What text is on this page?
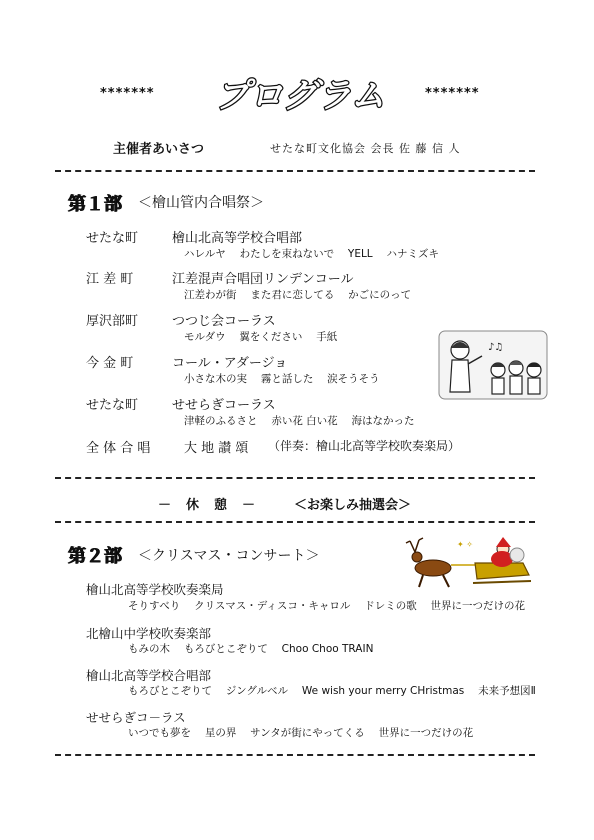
******* プログラム	*******
主催者あいさつ	せたな町文化協会 会長 佐 藤 信 人
第１部 ＜檜山管内合唱祭＞
せたな町	檜山北高等学校合唱部
ハレルヤ　 わたしを束ねないで　 YELL　 ハナミズキ
江 差 町	江差混声合唱団リンデンコール
江差わが街　 また君に恋してる　 かごにのって
厚沢部町	つつじ会コーラス
モルダウ　 翼をください　 手紙
今 金 町	コール・アダージョ
小さな木の実　 霧と話した　 涙そうそう
せたな町	せせらぎコーラス
津軽のふるさと　 赤い花 白い花　 海はなかった
全 体 合 唱	大 地 讃 頌 （伴奏：檜山北高等学校吹奏楽局）
♪♫
－　休　憩　－	＜お楽しみ抽選会＞
第２部 ＜クリスマス・コンサート＞
✦ ✧
檜山北高等学校吹奏楽局
そりすべり　 クリスマス・ディスコ・キャロル　 ドレミの歌　 世界に一つだけの花
北檜山中学校吹奏楽部
もみの木　 もろびとこぞりて　 Choo Choo TRAIN
檜山北高等学校合唱部
もろびとこぞりて　 ジングルベル　 We wish your merry CHristmas　 未来予想図Ⅱ
せせらぎコ－ラス
いつでも夢を　 星の界　 サンタが街にやってくる　 世界に一つだけの花
